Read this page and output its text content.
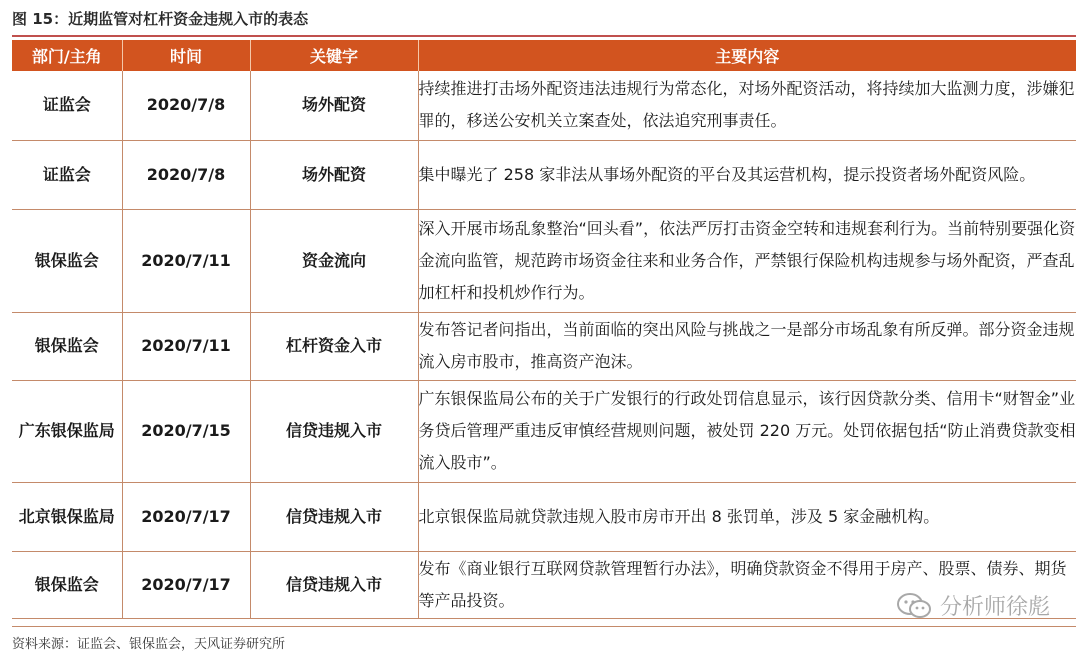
图 15：近期监管对杠杆资金违规入市的表态
部门/主角	时间	关键字	主要内容
证监会	2020/7/8	场外配资	持续推进打击场外配资违法违规行为常态化，对场外配资活动，将持续加大监测力度，涉嫌犯罪的，移送公安机关立案查处，依法追究刑事责任。
证监会	2020/7/8	场外配资	集中曝光了 258 家非法从事场外配资的平台及其运营机构，提示投资者场外配资风险。
银保监会	2020/7/11	资金流向	深入开展市场乱象整治“回头看”，依法严厉打击资金空转和违规套利行为。当前特别要强化资金流向监管，规范跨市场资金往来和业务合作，严禁银行保险机构违规参与场外配资，严查乱加杠杆和投机炒作行为。
银保监会	2020/7/11	杠杆资金入市	发布答记者问指出，当前面临的突出风险与挑战之一是部分市场乱象有所反弹。部分资金违规流入房市股市，推高资产泡沫。
广东银保监局	2020/7/15	信贷违规入市	广东银保监局公布的关于广发银行的行政处罚信息显示，该行因贷款分类、信用卡“财智金”业务贷后管理严重违反审慎经营规则问题，被处罚 220 万元。处罚依据包括“防止消费贷款变相流入股市”。
北京银保监局	2020/7/17	信贷违规入市	北京银保监局就贷款违规入股市房市开出 8 张罚单，涉及 5 家金融机构。
银保监会	2020/7/17	信贷违规入市	发布《商业银行互联网贷款管理暂行办法》，明确贷款资金不得用于房产、股票、债券、期货等产品投资。
资料来源：证监会、银保监会，天风证券研究所
分析师徐彪
